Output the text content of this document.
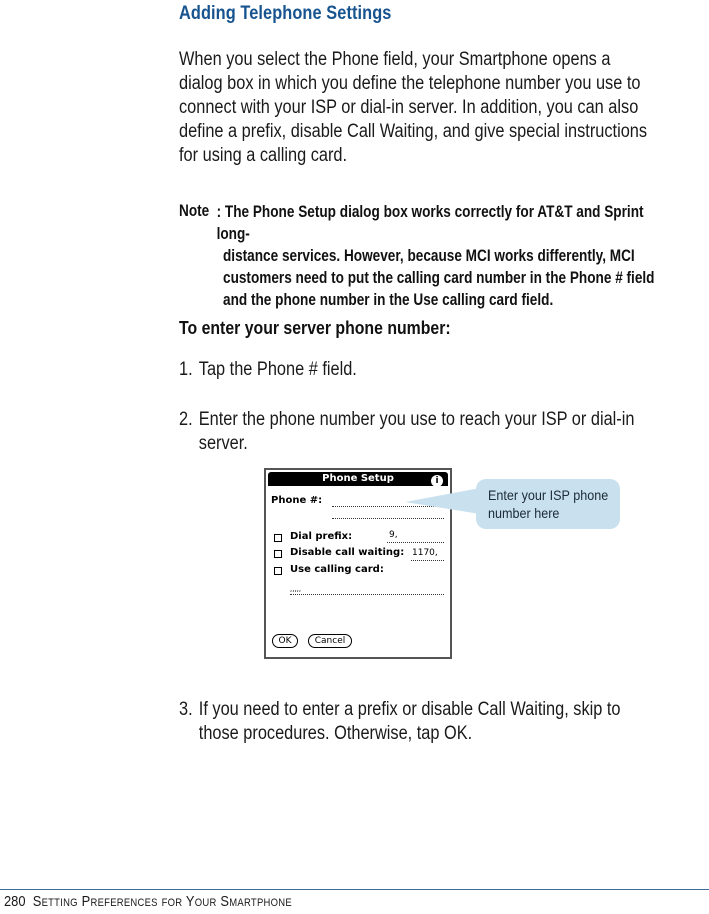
Adding Telephone Settings
When you select the Phone field, your Smartphone opens a
dialog box in which you define the telephone number you use to
connect with your ISP or dial-in server. In addition, you can also
define a prefix, disable Call Waiting, and give special instructions
for using a calling card.
Note : The Phone Setup dialog box works correctly for AT&T and Sprint long-
distance services. However, because MCI works differently, MCI
customers need to put the calling card number in the Phone # field
and the phone number in the Use calling card field.
To enter your server phone number:
1. Tap the Phone # field.
2. Enter the phone number you use to reach your ISP or dial-in
server.
Phone Setup	i
Phone #:
Dial prefix:	9,
Disable call waiting: 1170,
Use calling card:
,,,,,
OK	Cancel
Enter your ISP phone
number here
3. If you need to enter a prefix or disable Call Waiting, skip to
those procedures. Otherwise, tap OK.
280 Setting Preferences for Your Smartphone
